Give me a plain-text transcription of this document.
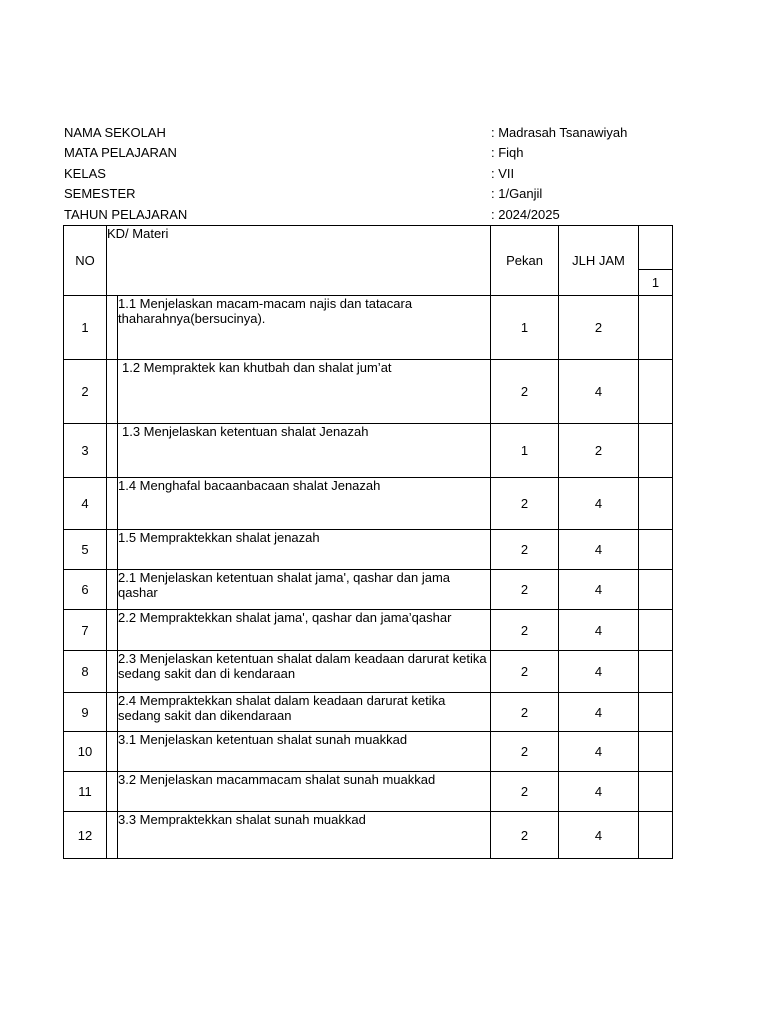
NAMA SEKOLAH	: Madrasah Tsanawiyah
MATA PELAJARAN	: Fiqh
KELAS	: VII
SEMESTER	: 1/Ganjil
TAHUN PELAJARAN	: 2024/2025
NO	KD/ Materi		Pekan	JLH JAM	
					1
1		1.1 Menjelaskan macam-macam najis dan tatacara thaharahnya(bersucinya).	1	2	
2		1.2 Mempraktek kan khutbah dan shalat jum’at	2	4	
3		1.3 Menjelaskan ketentuan shalat Jenazah	1	2	
4		1.4 Menghafal bacaanbacaan shalat Jenazah	2	4	
5		1.5 Mempraktekkan shalat jenazah	2	4	
6		2.1 Menjelaskan ketentuan shalat jama', qashar dan jama qashar	2	4	
7		2.2 Mempraktekkan shalat jama', qashar dan jama’qashar	2	4	
8		2.3 Menjelaskan ketentuan shalat dalam keadaan darurat ketika sedang sakit dan di kendaraan	2	4	
9		2.4 Mempraktekkan shalat dalam keadaan darurat ketika sedang sakit dan dikendaraan	2	4	
10		3.1 Menjelaskan ketentuan shalat sunah muakkad	2	4	
11		3.2 Menjelaskan macammacam shalat sunah muakkad	2	4	
12		3.3 Mempraktekkan shalat sunah muakkad	2	4	
